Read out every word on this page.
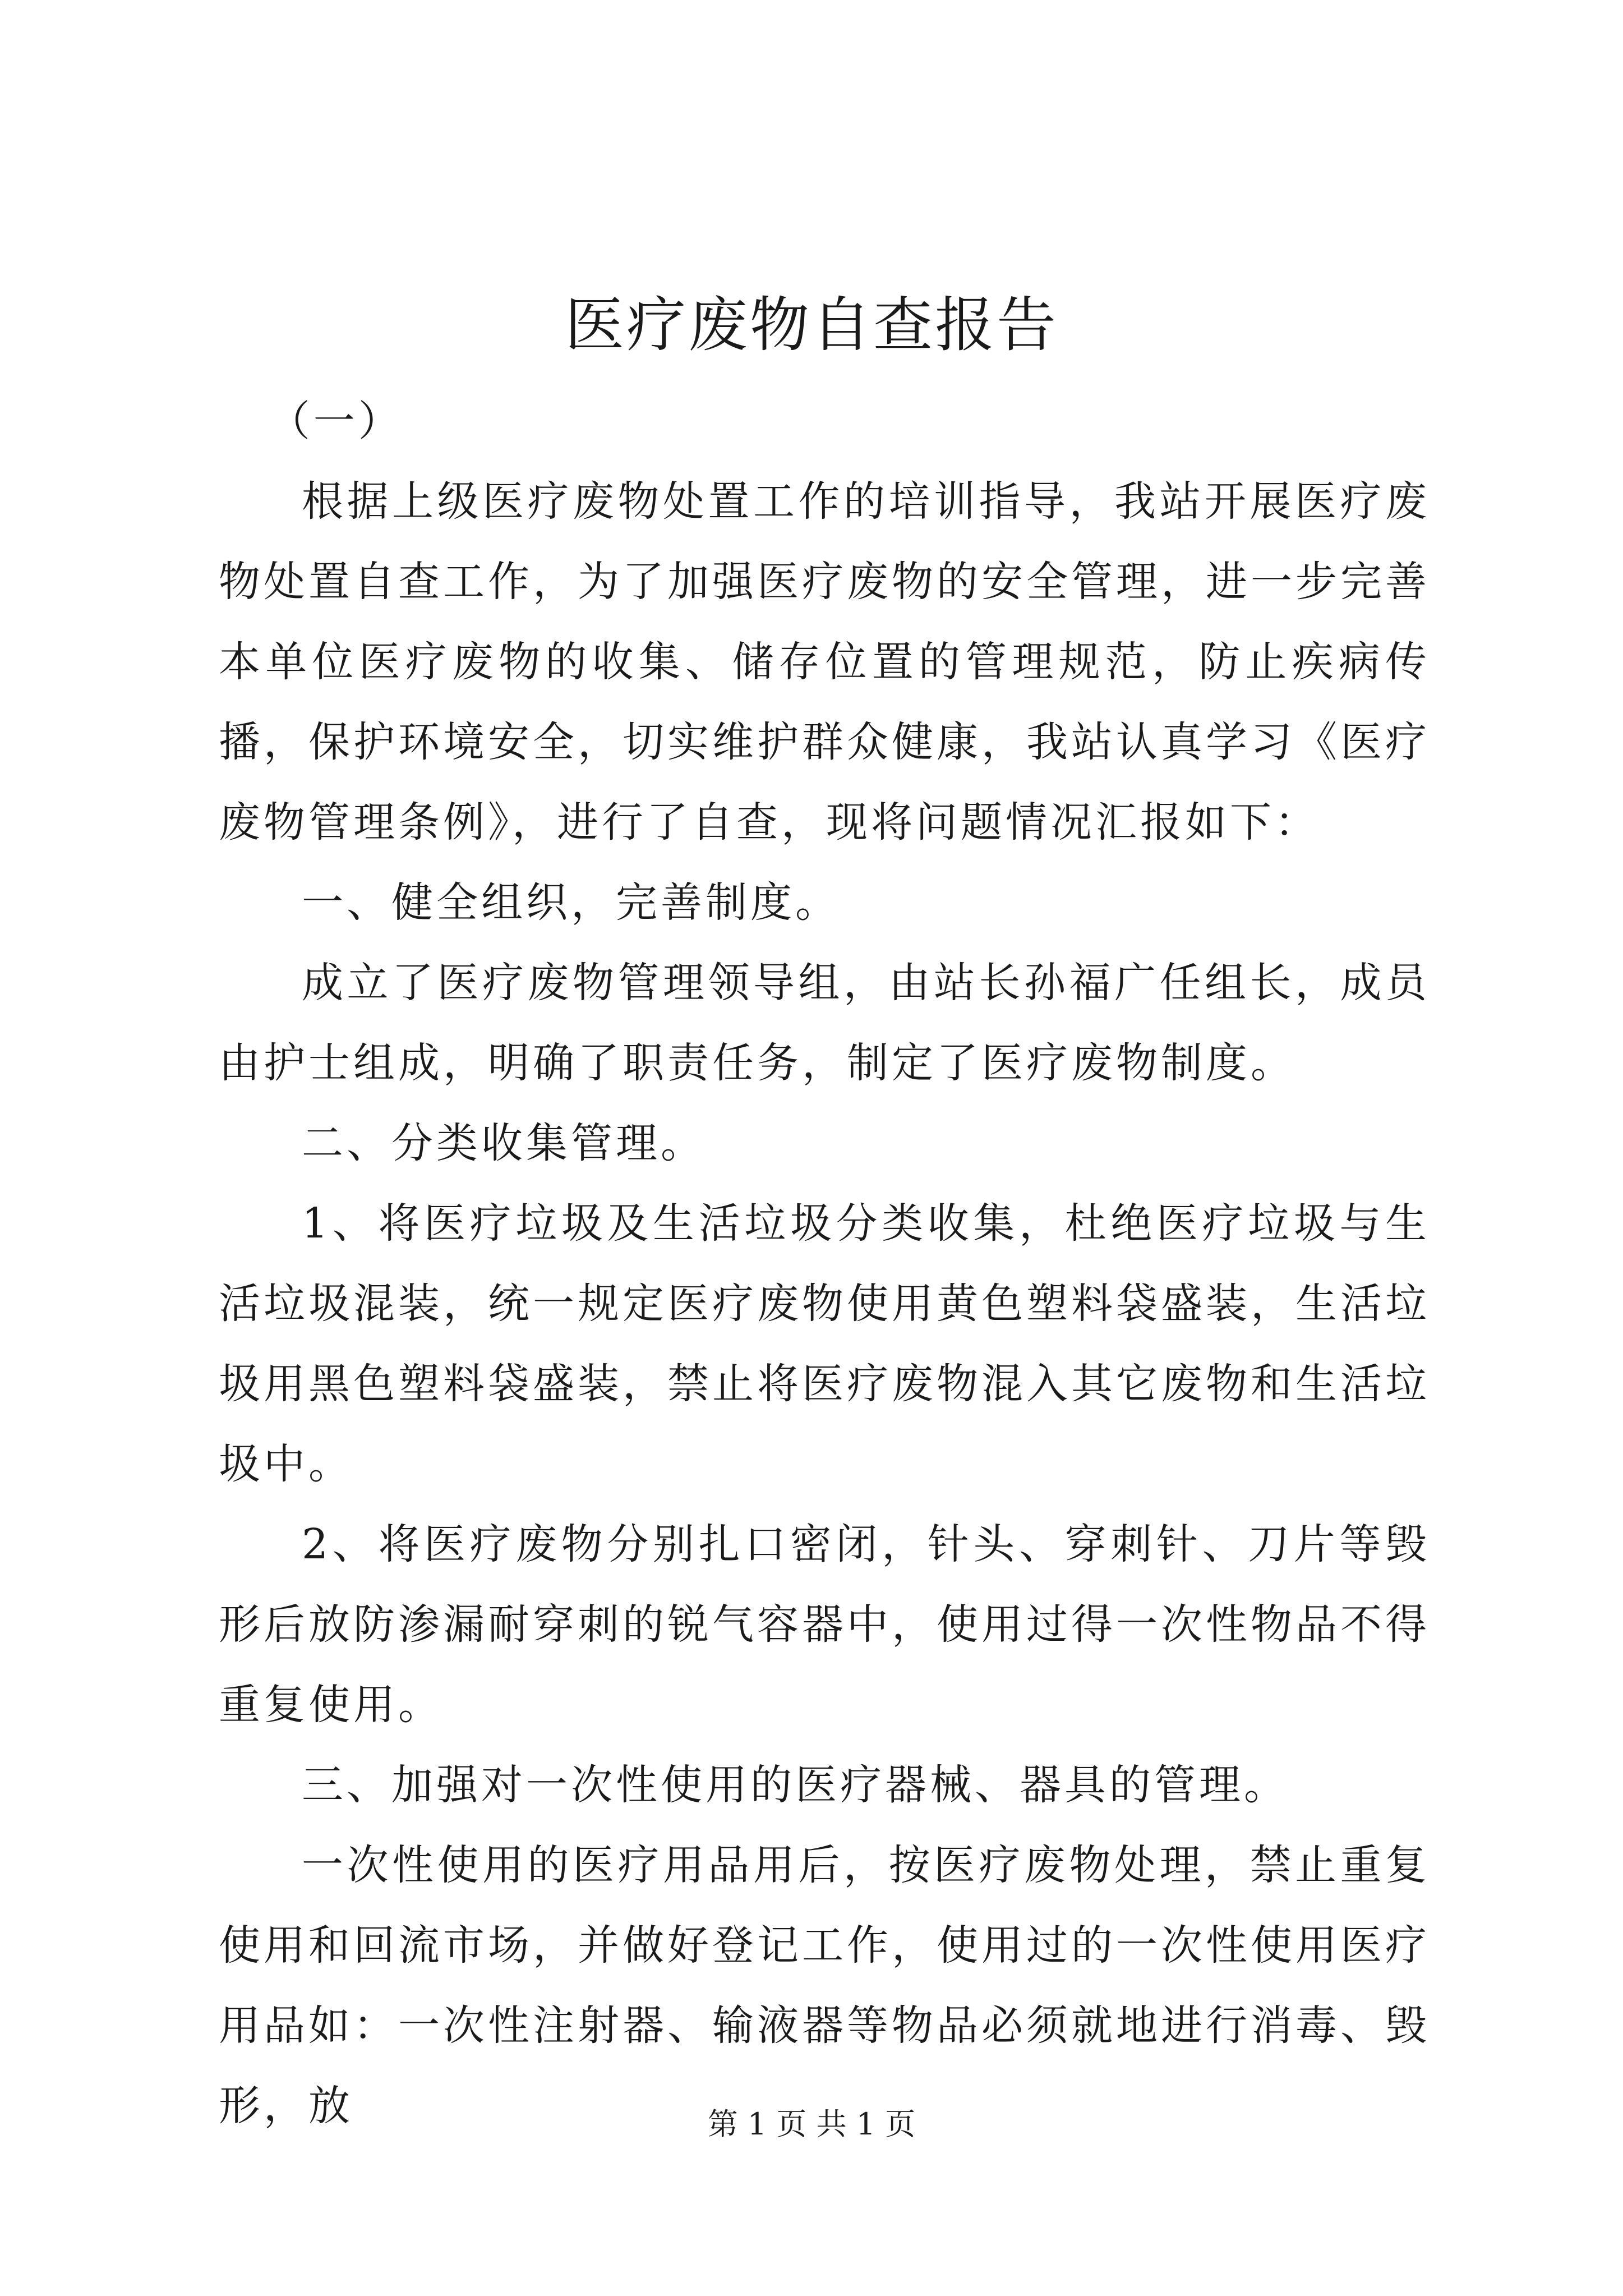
医疗废物自查报告

（一）

根据上级医疗废物处置工作的培训指导，我站开展医疗废物处置自查工作，为了加强医疗废物的安全管理，进一步完善本单位医疗废物的收集、储存位置的管理规范，防止疾病传播，保护环境安全，切实维护群众健康，我站认真学习《医疗废物管理条例》，进行了自查，现将问题情况汇报如下：

一、健全组织，完善制度。

成立了医疗废物管理领导组，由站长孙福广任组长，成员由护士组成，明确了职责任务，制定了医疗废物制度。

二、分类收集管理。

1、将医疗垃圾及生活垃圾分类收集，杜绝医疗垃圾与生活垃圾混装，统一规定医疗废物使用黄色塑料袋盛装，生活垃圾用黑色塑料袋盛装，禁止将医疗废物混入其它废物和生活垃圾中。

2、将医疗废物分别扎口密闭，针头、穿刺针、刀片等毁形后放防渗漏耐穿刺的锐气容器中，使用过得一次性物品不得重复使用。

三、加强对一次性使用的医疗器械、器具的管理。

一次性使用的医疗用品用后，按医疗废物处理，禁止重复使用和回流市场，并做好登记工作，使用过的一次性使用医疗用品如：一次性注射器、输液器等物品必须就地进行消毒、毁形，放	第 1 页 共 1 页
